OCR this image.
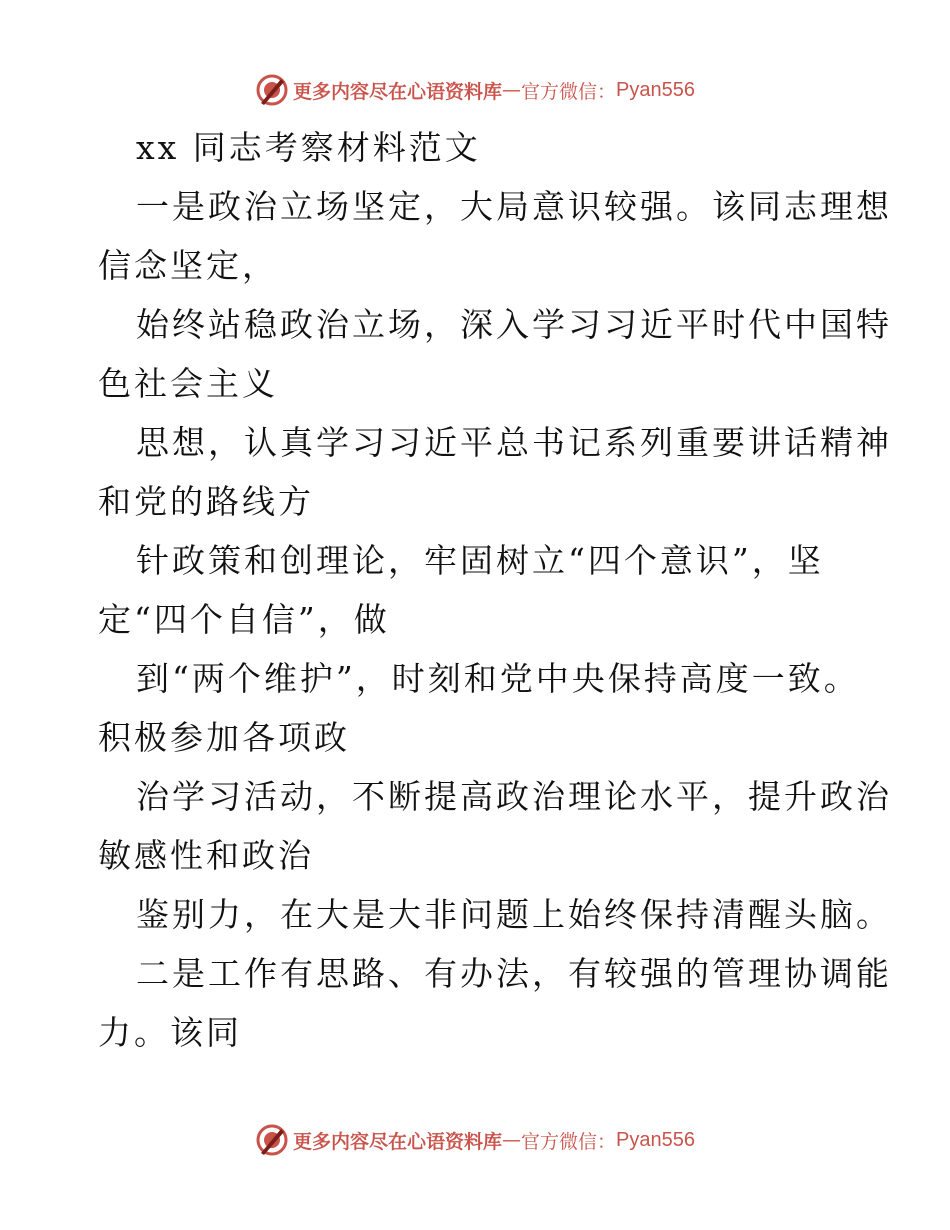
更多内容尽在心语资料库 — 官方微信： Pyan556
xx 同志考察材料范文
一是政治立场坚定，大局意识较强。该同志理想
信念坚定，
始终站稳政治立场，深入学习习近平时代中国特
色社会主义
思想，认真学习习近平总书记系列重要讲话精神
和党的路线方
针政策和创理论，牢固树立“四个意识”，坚
定“四个自信”，做
到“两个维护”，时刻和党中央保持高度一致。
积极参加各项政
治学习活动，不断提高政治理论水平，提升政治
敏感性和政治
鉴别力，在大是大非问题上始终保持清醒头脑。
二是工作有思路、有办法，有较强的管理协调能
力。该同
更多内容尽在心语资料库 — 官方微信： Pyan556
